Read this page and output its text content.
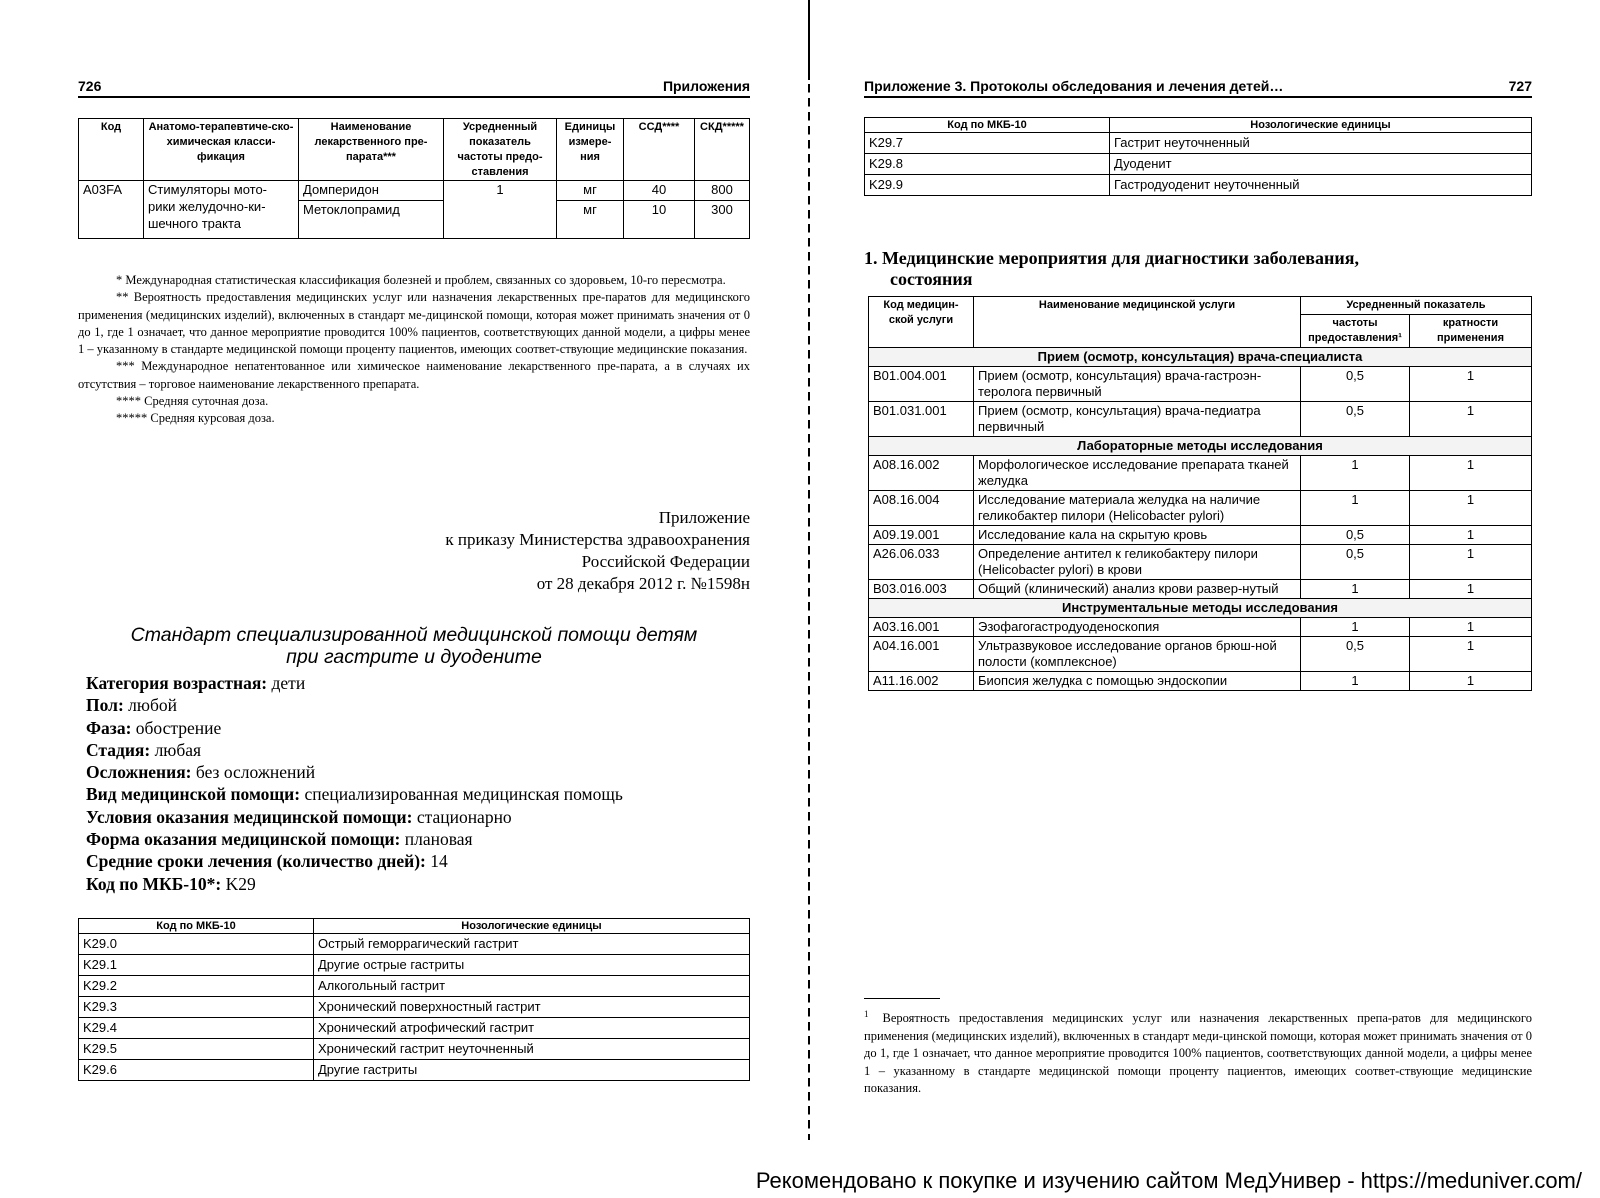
726	Приложения
Код	Анатомо-терапевтиче-ско-химическая класси-фикация	Наименование лекарственного пре-парата***	Усредненный показатель частоты предо-ставления	Единицы измере-ния	ССД****	СКД*****
A03FA	Стимуляторы мото-рики желудочно-ки-шечного тракта	Домперидон	1	мг	40	800
		Метоклопрамид		мг	10	300

* Международная статистическая классификация болезней и проблем, связанных со здоровьем, 10-го пересмотра.

** Вероятность предоставления медицинских услуг или назначения лекарственных пре-паратов для медицинского применения (медицинских изделий), включенных в стандарт ме-дицинской помощи, которая может принимать значения от 0 до 1, где 1 означает, что данное мероприятие проводится 100% пациентов, соответствующих данной модели, а цифры менее 1 – указанному в стандарте медицинской помощи проценту пациентов, имеющих соответ-ствующие медицинские показания.

*** Международное непатентованное или химическое наименование лекарственного пре-парата, а в случаях их отсутствия – торговое наименование лекарственного препарата.

**** Средняя суточная доза.

***** Средняя курсовая доза.

Приложение
к приказу Министерства здравоохранения
Российской Федерации
от 28 декабря 2012 г. №1598н
Стандарт специализированной медицинской помощи детям
при гастрите и дуодените
Категория возрастная: дети
Пол: любой
Фаза: обострение
Стадия: любая
Осложнения: без осложнений
Вид медицинской помощи: специализированная медицинская помощь
Условия оказания медицинской помощи: стационарно
Форма оказания медицинской помощи: плановая
Средние сроки лечения (количество дней): 14
Код по МКБ-10*: K29
Код по МКБ-10	Нозологические единицы
K29.0	Острый геморрагический гастрит
K29.1	Другие острые гастриты
K29.2	Алкогольный гастрит
K29.3	Хронический поверхностный гастрит
K29.4	Хронический атрофический гастрит
K29.5	Хронический гастрит неуточненный
K29.6	Другие гастриты
Приложение 3. Протоколы обследования и лечения детей…	727
Код по МКБ-10	Нозологические единицы
K29.7	Гастрит неуточненный
K29.8	Дуоденит
K29.9	Гастродуоденит неуточненный
1. Медицинские мероприятия для диагностики заболевания,
состояния
Код медицин-ской услуги	Наименование медицинской услуги	Усредненный показатель	
		частоты предоставления¹	кратности применения
Прием (осмотр, консультация) врача-специалиста			
B01.004.001	Прием (осмотр, консультация) врача-гастроэн-теролога первичный	0,5	1
B01.031.001	Прием (осмотр, консультация) врача-педиатра первичный	0,5	1
Лабораторные методы исследования			
A08.16.002	Морфологическое исследование препарата тканей желудка	1	1
A08.16.004	Исследование материала желудка на наличие геликобактер пилори (Helicobacter pylori)	1	1
A09.19.001	Исследование кала на скрытую кровь	0,5	1
A26.06.033	Определение антител к геликобактеру пилори (Helicobacter pylori) в крови	0,5	1
B03.016.003	Общий (клинический) анализ крови развер-нутый	1	1
Инструментальные методы исследования			
A03.16.001	Эзофагогастродуоденоскопия	1	1
A04.16.001	Ультразвуковое исследование органов брюш-ной полости (комплексное)	0,5	1
A11.16.002	Биопсия желудка с помощью эндоскопии	1	1
$^1$ Вероятность предоставления медицинских услуг или назначения лекарственных препа-ратов для медицинского применения (медицинских изделий), включенных в стандарт меди-цинской помощи, которая может принимать значения от 0 до 1, где 1 означает, что данное мероприятие проводится 100% пациентов, соответствующих данной модели, а цифры менее 1 – указанному в стандарте медицинской помощи проценту пациентов, имеющих соответ-ствующие медицинские показания.
Рекомендовано к покупке и изучению сайтом МедУнивер - https://meduniver.com/
